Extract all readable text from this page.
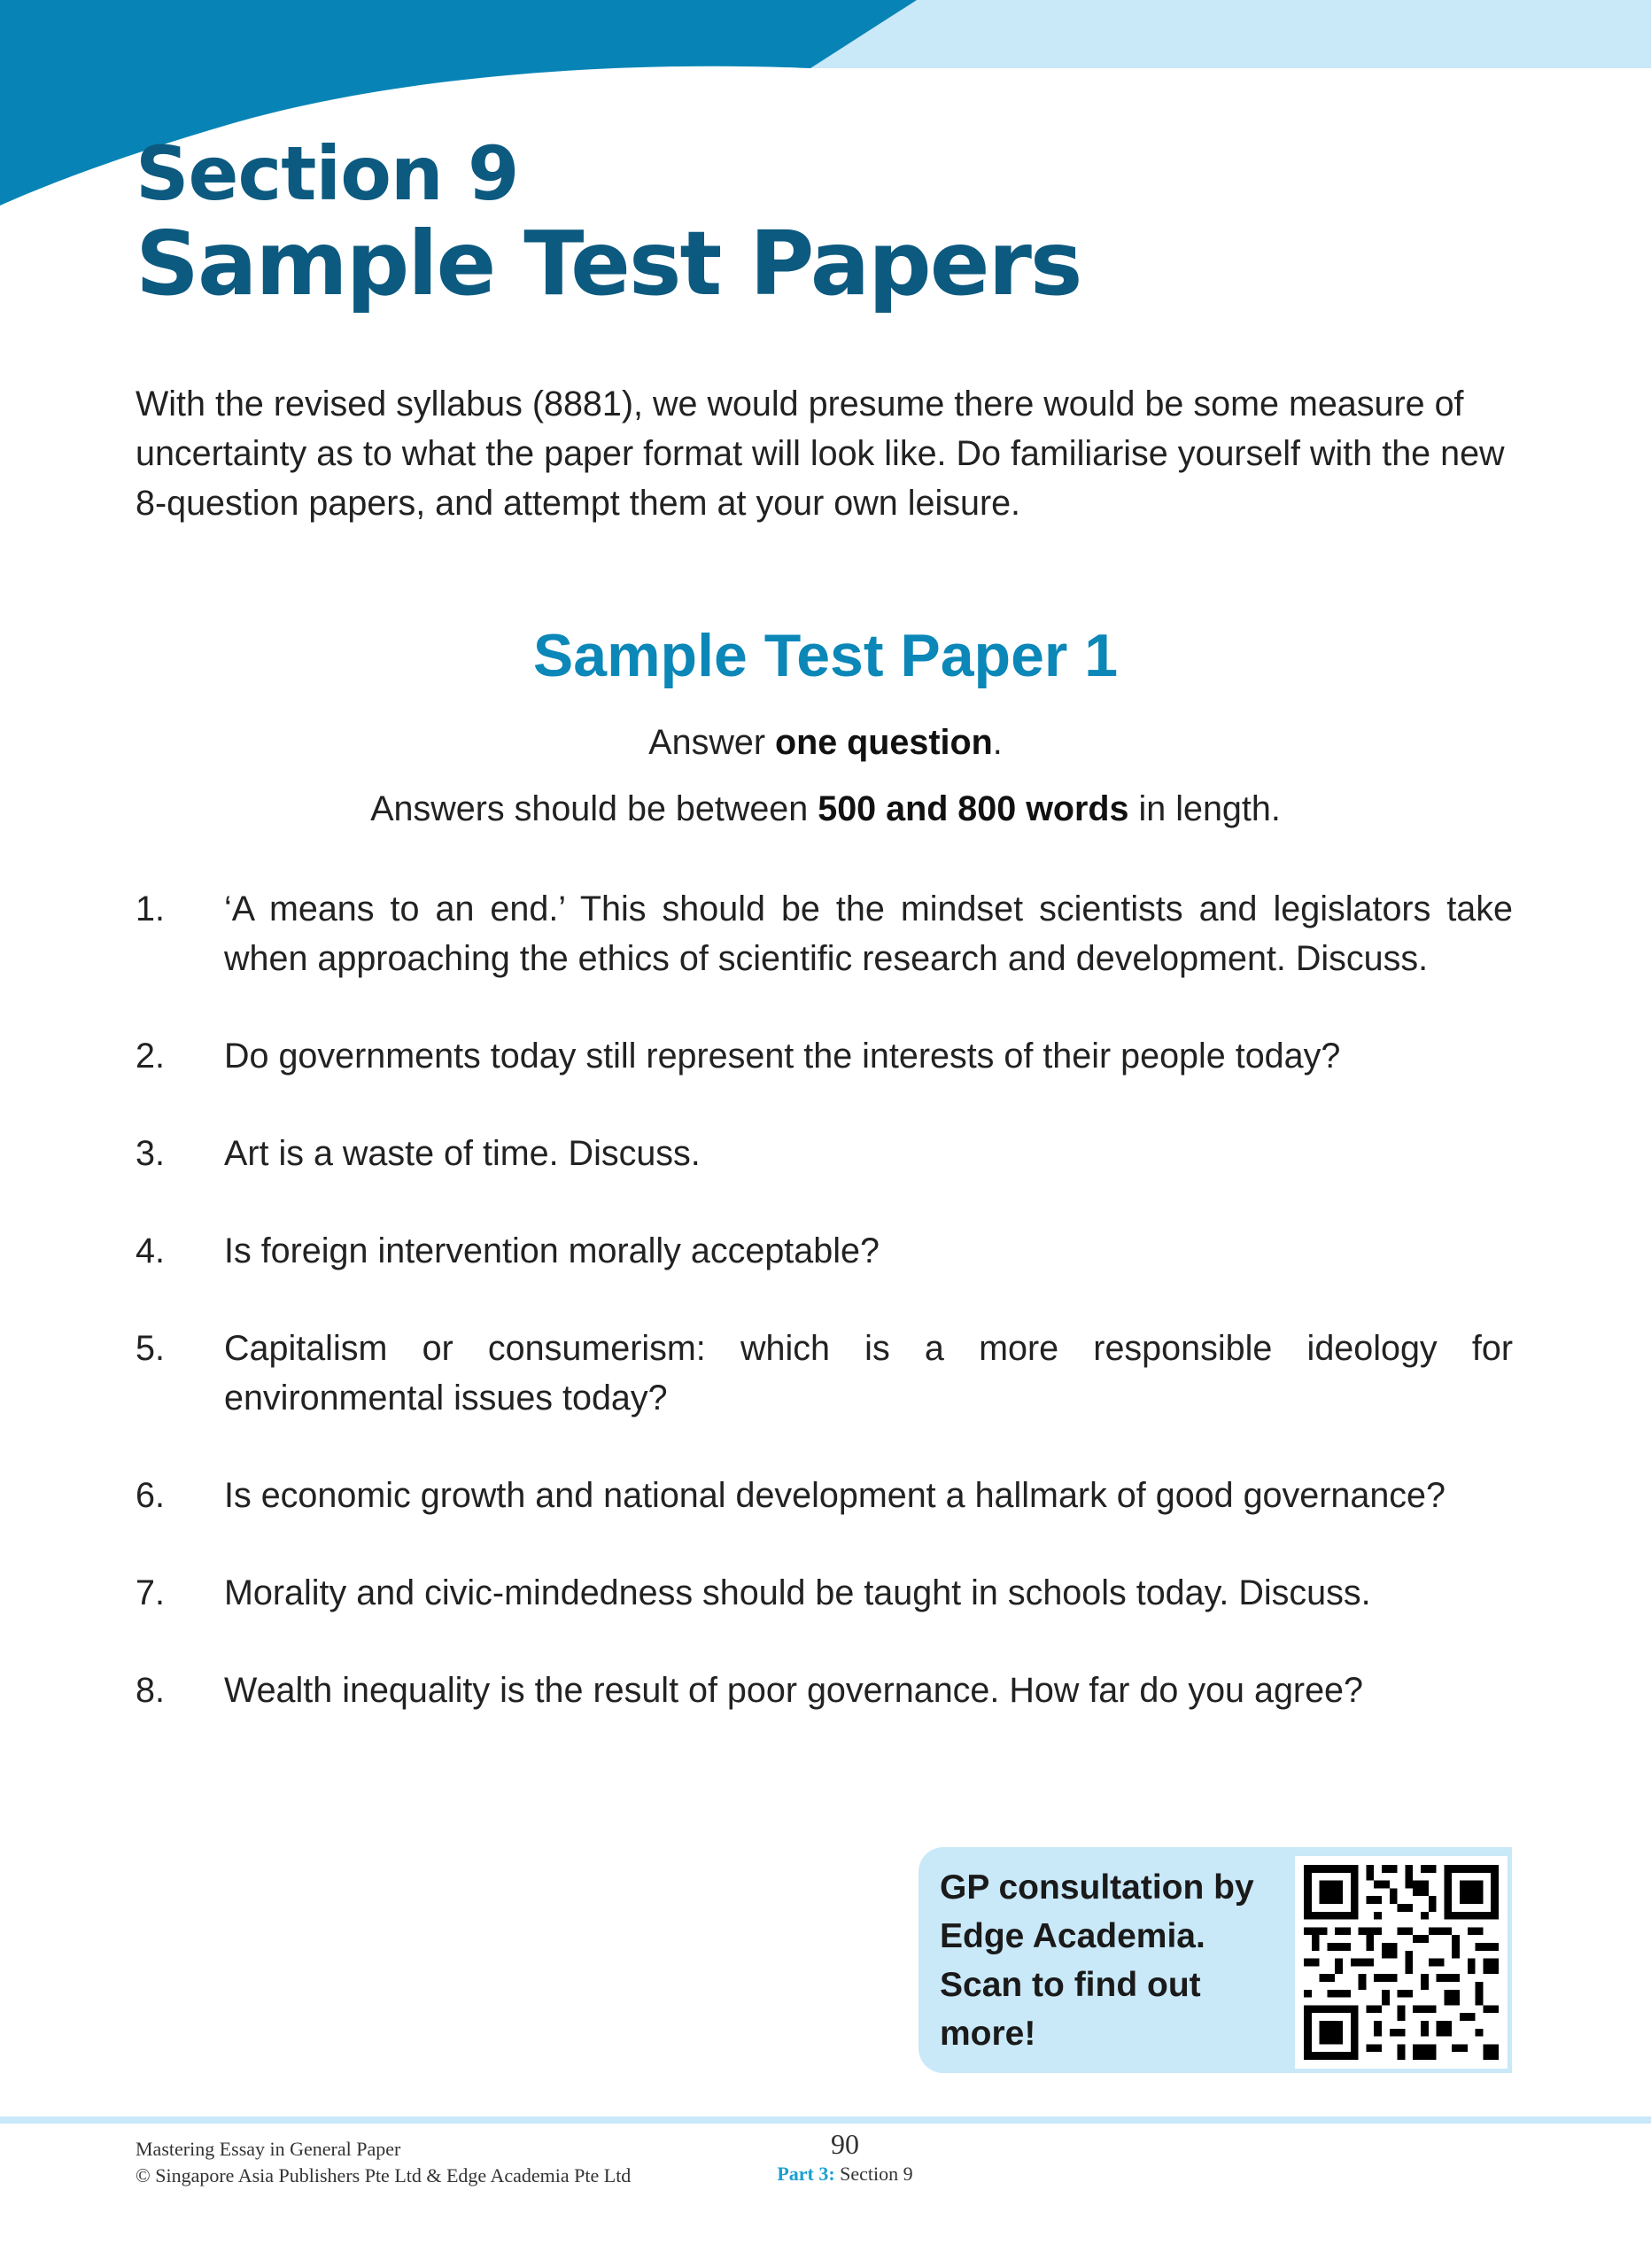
Section 9
Sample Test Papers

With the revised syllabus (8881), we would presume there would be some measure of uncertainty as to what the paper format will look like. Do familiarise yourself with the new 8-question papers, and attempt them at your own leisure.

Sample Test Paper 1

Answer one question.

Answers should be between 500 and 800 words in length.

1. ‘A means to an end.’ This should be the mindset scientists and legislators take when approaching the ethics of scientific research and development. Discuss.
2. Do governments today still represent the interests of their people today?
3. Art is a waste of time. Discuss.
4. Is foreign intervention morally acceptable?
5. Capitalism or consumerism: which is a more responsible ideology for environmental issues today?
6. Is economic growth and national development a hallmark of good governance?
7. Morality and civic-mindedness should be taught in schools today. Discuss.
8. Wealth inequality is the result of poor governance. How far do you agree?

GP consultation by
Edge Academia.
Scan to find out
more!

Mastering Essay in General Paper
© Singapore Asia Publishers Pte Ltd & Edge Academia Pte Ltd
90
Part 3: Section 9
